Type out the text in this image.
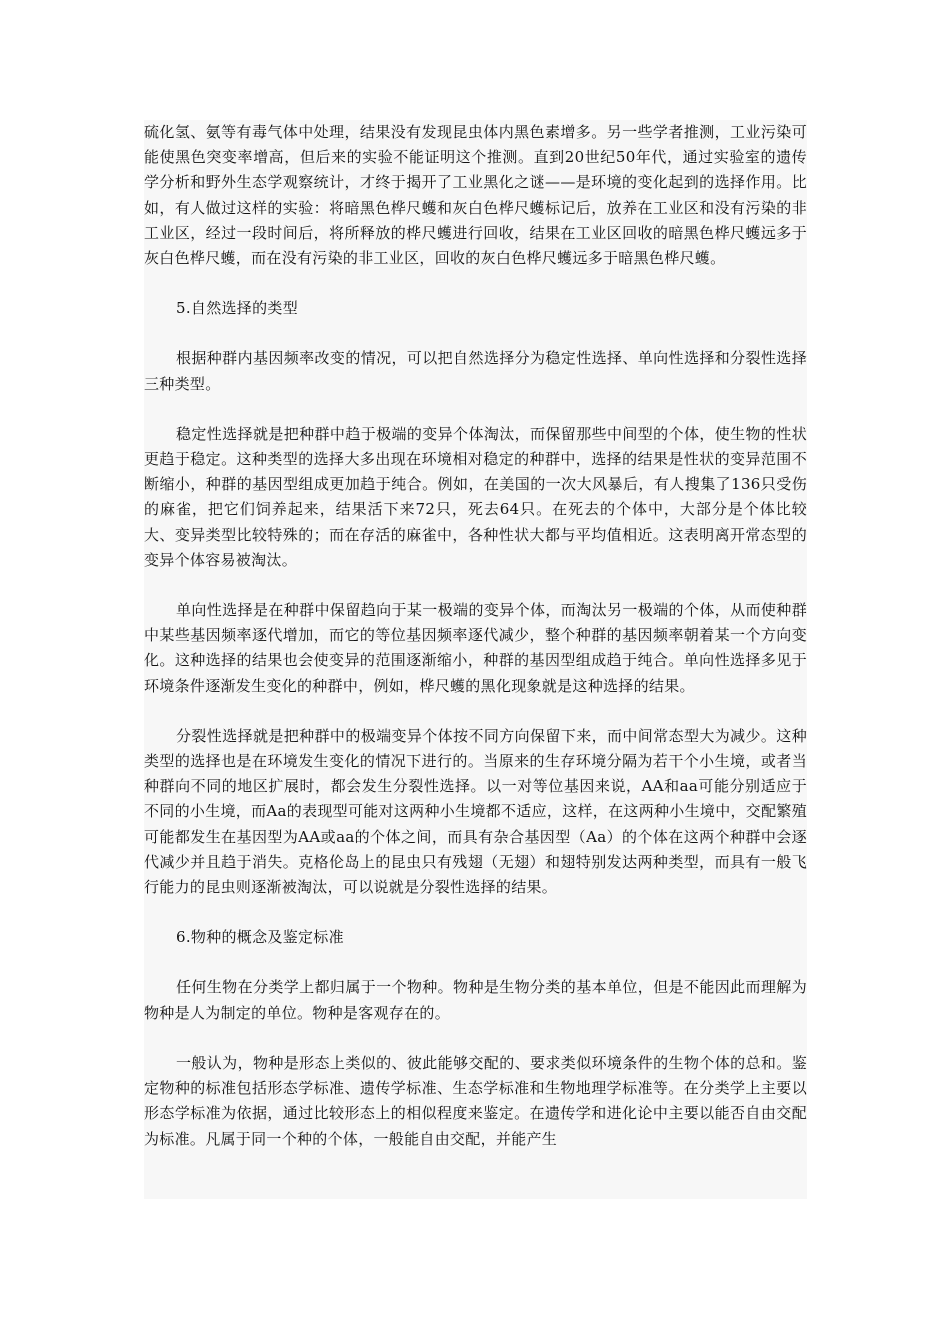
硫化氢、氨等有毒气体中处理，结果没有发现昆虫体内黑色素增多。另一些学者推测，工业污染可能使黑色突变率增高，但后来的实验不能证明这个推测。直到20世纪50年代，通过实验室的遗传学分析和野外生态学观察统计，才终于揭开了工业黑化之谜——是环境的变化起到的选择作用。比如，有人做过这样的实验：将暗黑色桦尺蠖和灰白色桦尺蠖标记后，放养在工业区和没有污染的非工业区，经过一段时间后，将所释放的桦尺蠖进行回收，结果在工业区回收的暗黑色桦尺蠖远多于灰白色桦尺蠖，而在没有污染的非工业区，回收的灰白色桦尺蠖远多于暗黑色桦尺蠖。

5.自然选择的类型

根据种群内基因频率改变的情况，可以把自然选择分为稳定性选择、单向性选择和分裂性选择三种类型。

稳定性选择就是把种群中趋于极端的变异个体淘汰，而保留那些中间型的个体，使生物的性状更趋于稳定。这种类型的选择大多出现在环境相对稳定的种群中，选择的结果是性状的变异范围不断缩小，种群的基因型组成更加趋于纯合。例如，在美国的一次大风暴后，有人搜集了136只受伤的麻雀，把它们饲养起来，结果活下来72只，死去64只。在死去的个体中，大部分是个体比较大、变异类型比较特殊的；而在存活的麻雀中，各种性状大都与平均值相近。这表明离开常态型的变异个体容易被淘汰。

单向性选择是在种群中保留趋向于某一极端的变异个体，而淘汰另一极端的个体，从而使种群中某些基因频率逐代增加，而它的等位基因频率逐代减少，整个种群的基因频率朝着某一个方向变化。这种选择的结果也会使变异的范围逐渐缩小，种群的基因型组成趋于纯合。单向性选择多见于环境条件逐渐发生变化的种群中，例如，桦尺蠖的黑化现象就是这种选择的结果。

分裂性选择就是把种群中的极端变异个体按不同方向保留下来，而中间常态型大为减少。这种类型的选择也是在环境发生变化的情况下进行的。当原来的生存环境分隔为若干个小生境，或者当种群向不同的地区扩展时，都会发生分裂性选择。以一对等位基因来说，AA和aa可能分别适应于不同的小生境，而Aa的表现型可能对这两种小生境都不适应，这样，在这两种小生境中，交配繁殖可能都发生在基因型为AA或aa的个体之间，而具有杂合基因型（Aa）的个体在这两个种群中会逐代减少并且趋于消失。克格伦岛上的昆虫只有残翅（无翅）和翅特别发达两种类型，而具有一般飞行能力的昆虫则逐渐被淘汰，可以说就是分裂性选择的结果。

6.物种的概念及鉴定标准

任何生物在分类学上都归属于一个物种。物种是生物分类的基本单位，但是不能因此而理解为物种是人为制定的单位。物种是客观存在的。

一般认为，物种是形态上类似的、彼此能够交配的、要求类似环境条件的生物个体的总和。鉴定物种的标准包括形态学标准、遗传学标准、生态学标准和生物地理学标准等。在分类学上主要以形态学标准为依据，通过比较形态上的相似程度来鉴定。在遗传学和进化论中主要以能否自由交配为标准。凡属于同一个种的个体，一般能自由交配，并能产生
